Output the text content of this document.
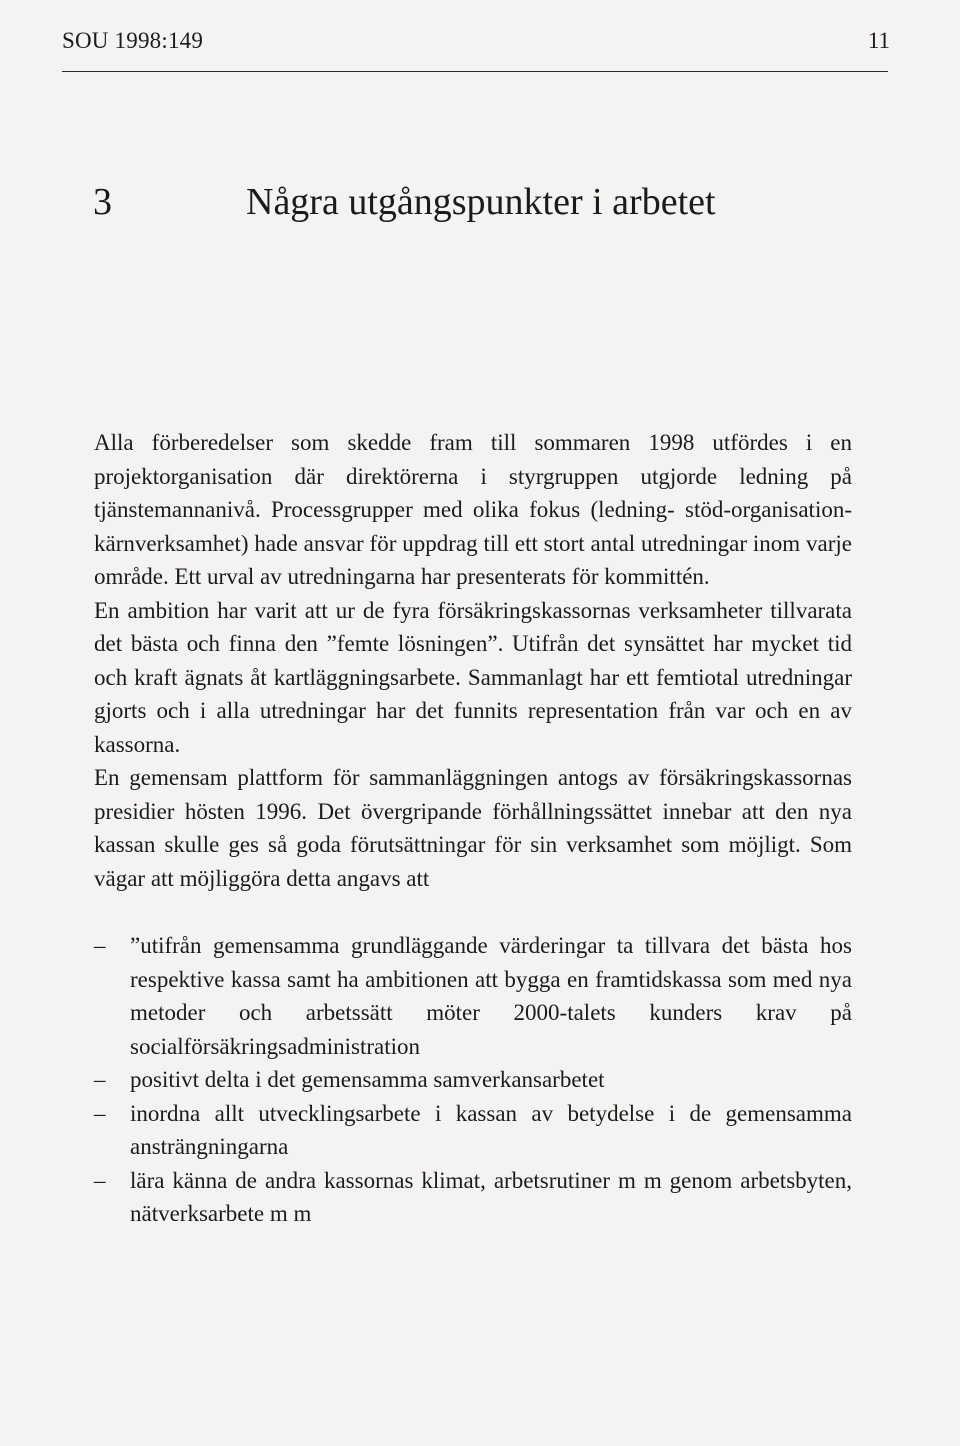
SOU 1998:149	11
3	Några utgångspunkter i arbetet

Alla förberedelser som skedde fram till sommaren 1998 utfördes i en projektorganisation där direktörerna i styrgruppen utgjorde ledning på tjänstemannanivå. Processgrupper med olika fokus (ledning- stöd-organisation-kärnverksamhet) hade ansvar för uppdrag till ett stort antal utredningar inom varje område. Ett urval av utredningarna har presenterats för kommittén.

En ambition har varit att ur de fyra försäkringskassornas verksamheter tillvarata det bästa och finna den ”femte lösningen”. Utifrån det synsättet har mycket tid och kraft ägnats åt kartläggningsarbete. Sammanlagt har ett femtiotal utredningar gjorts och i alla utredningar har det funnits representation från var och en av kassorna.

En gemensam plattform för sammanläggningen antogs av försäkringskassornas presidier hösten 1996. Det övergripande förhållningssättet innebar att den nya kassan skulle ges så goda förutsättningar för sin verksamhet som möjligt. Som vägar att möjliggöra detta angavs att

– ”utifrån gemensamma grundläggande värderingar ta tillvara det bästa hos respektive kassa samt ha ambitionen att bygga en framtidskassa som med nya metoder och arbetssätt möter 2000-talets kunders krav på socialförsäkringsadministration
– positivt delta i det gemensamma samverkansarbetet
– inordna allt utvecklingsarbete i kassan av betydelse i de gemensamma ansträngningarna
– lära känna de andra kassornas klimat, arbetsrutiner m m genom arbetsbyten, nätverksarbete m m
